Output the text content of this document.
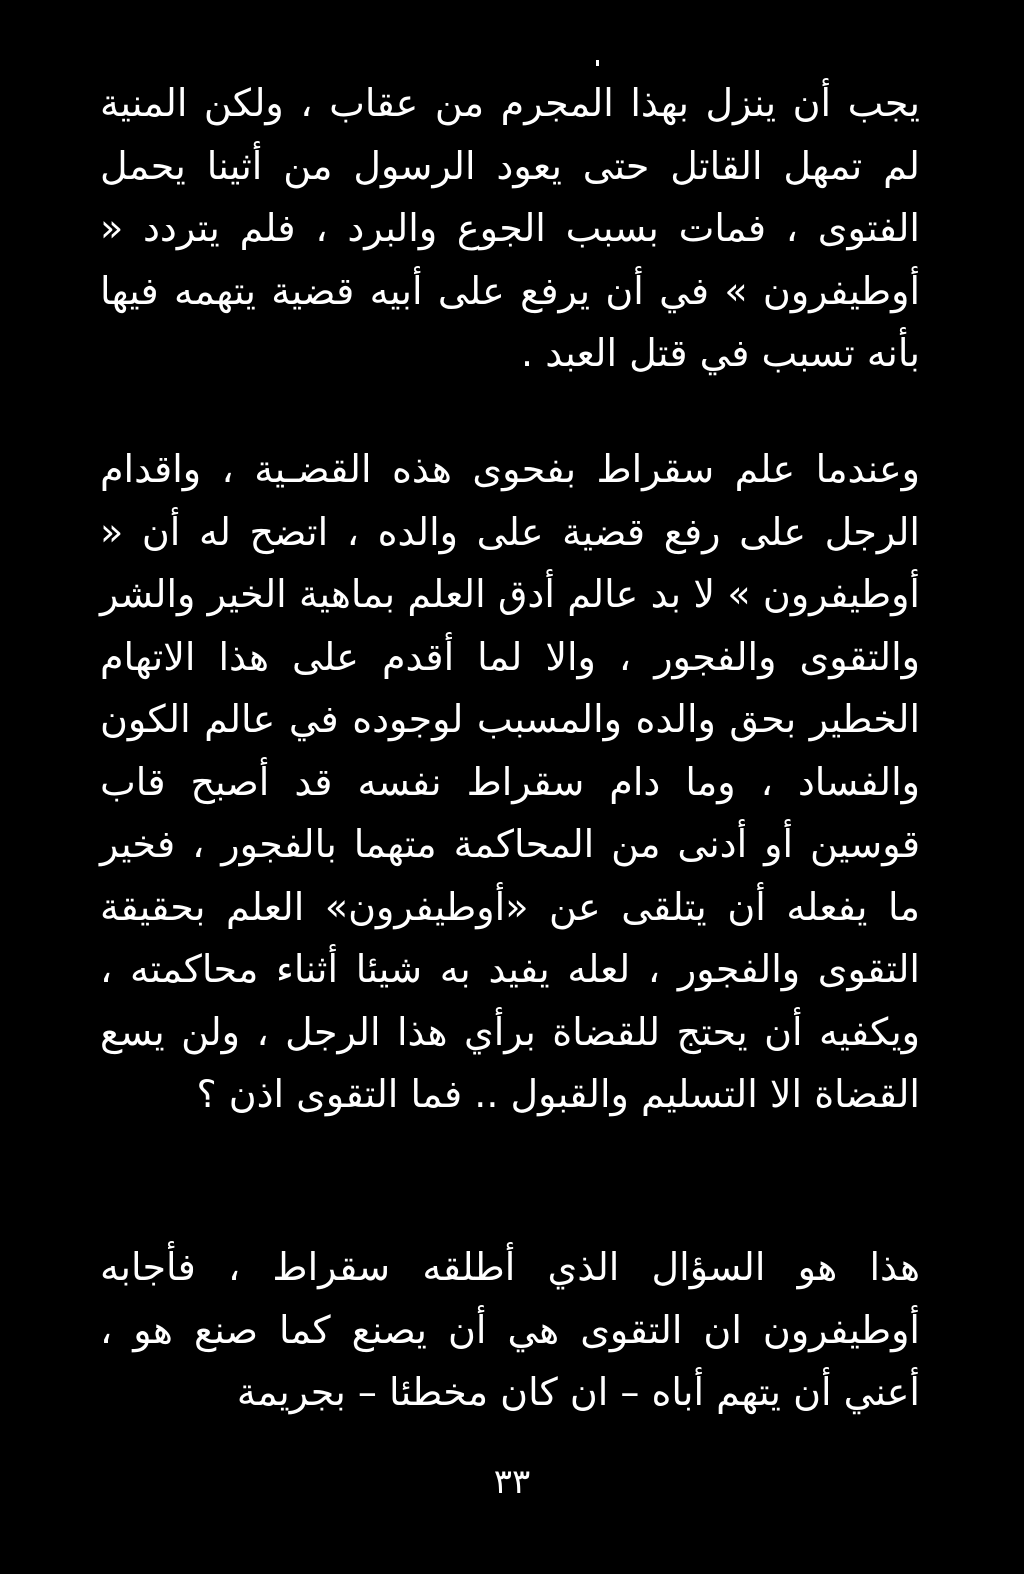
يجب أن ينزل بهذا المجرم من عقاب ، ولكن المنية لم تمهل القاتل حتى يعود الرسول من أثينا يحمل الفتوى ، فمات بسبب الجوع والبرد ، فلم يتردد « أوطيفرون » في أن يرفع على أبيه قضية يتهمه فيها بأنه تسبب في قتل العبد .

وعندما علم سقراط بفحوى هذه القضـية ، واقدام الرجل على رفع قضية على والده ، اتضح له أن « أوطيفرون » لا بد عالم أدق العلم بماهية الخير والشر والتقوى والفجور ، والا لما أقدم على هذا الاتهام الخطير بحق والده والمسبب لوجوده في عالم الكون والفساد ، وما دام سقراط نفسه قد أصبح قاب قوسين أو أدنى من المحاكمة متهما بالفجور ، فخير ما يفعله أن يتلقى عن «أوطيفرون» العلم بحقيقة التقوى والفجور ، لعله يفيد به شيئا أثناء محاكمته ، ويكفيه أن يحتج للقضاة برأي هذا الرجل ، ولن يسع القضاة الا التسليم والقبول .. فما التقوى اذن ؟

هذا هو السؤال الذي أطلقه سقراط ، فأجابه أوطيفرون ان التقوى هي أن يصنع كما صنع هو ، أعني أن يتهم أباه – ان كان مخطئا – بجريمة

٣٣
